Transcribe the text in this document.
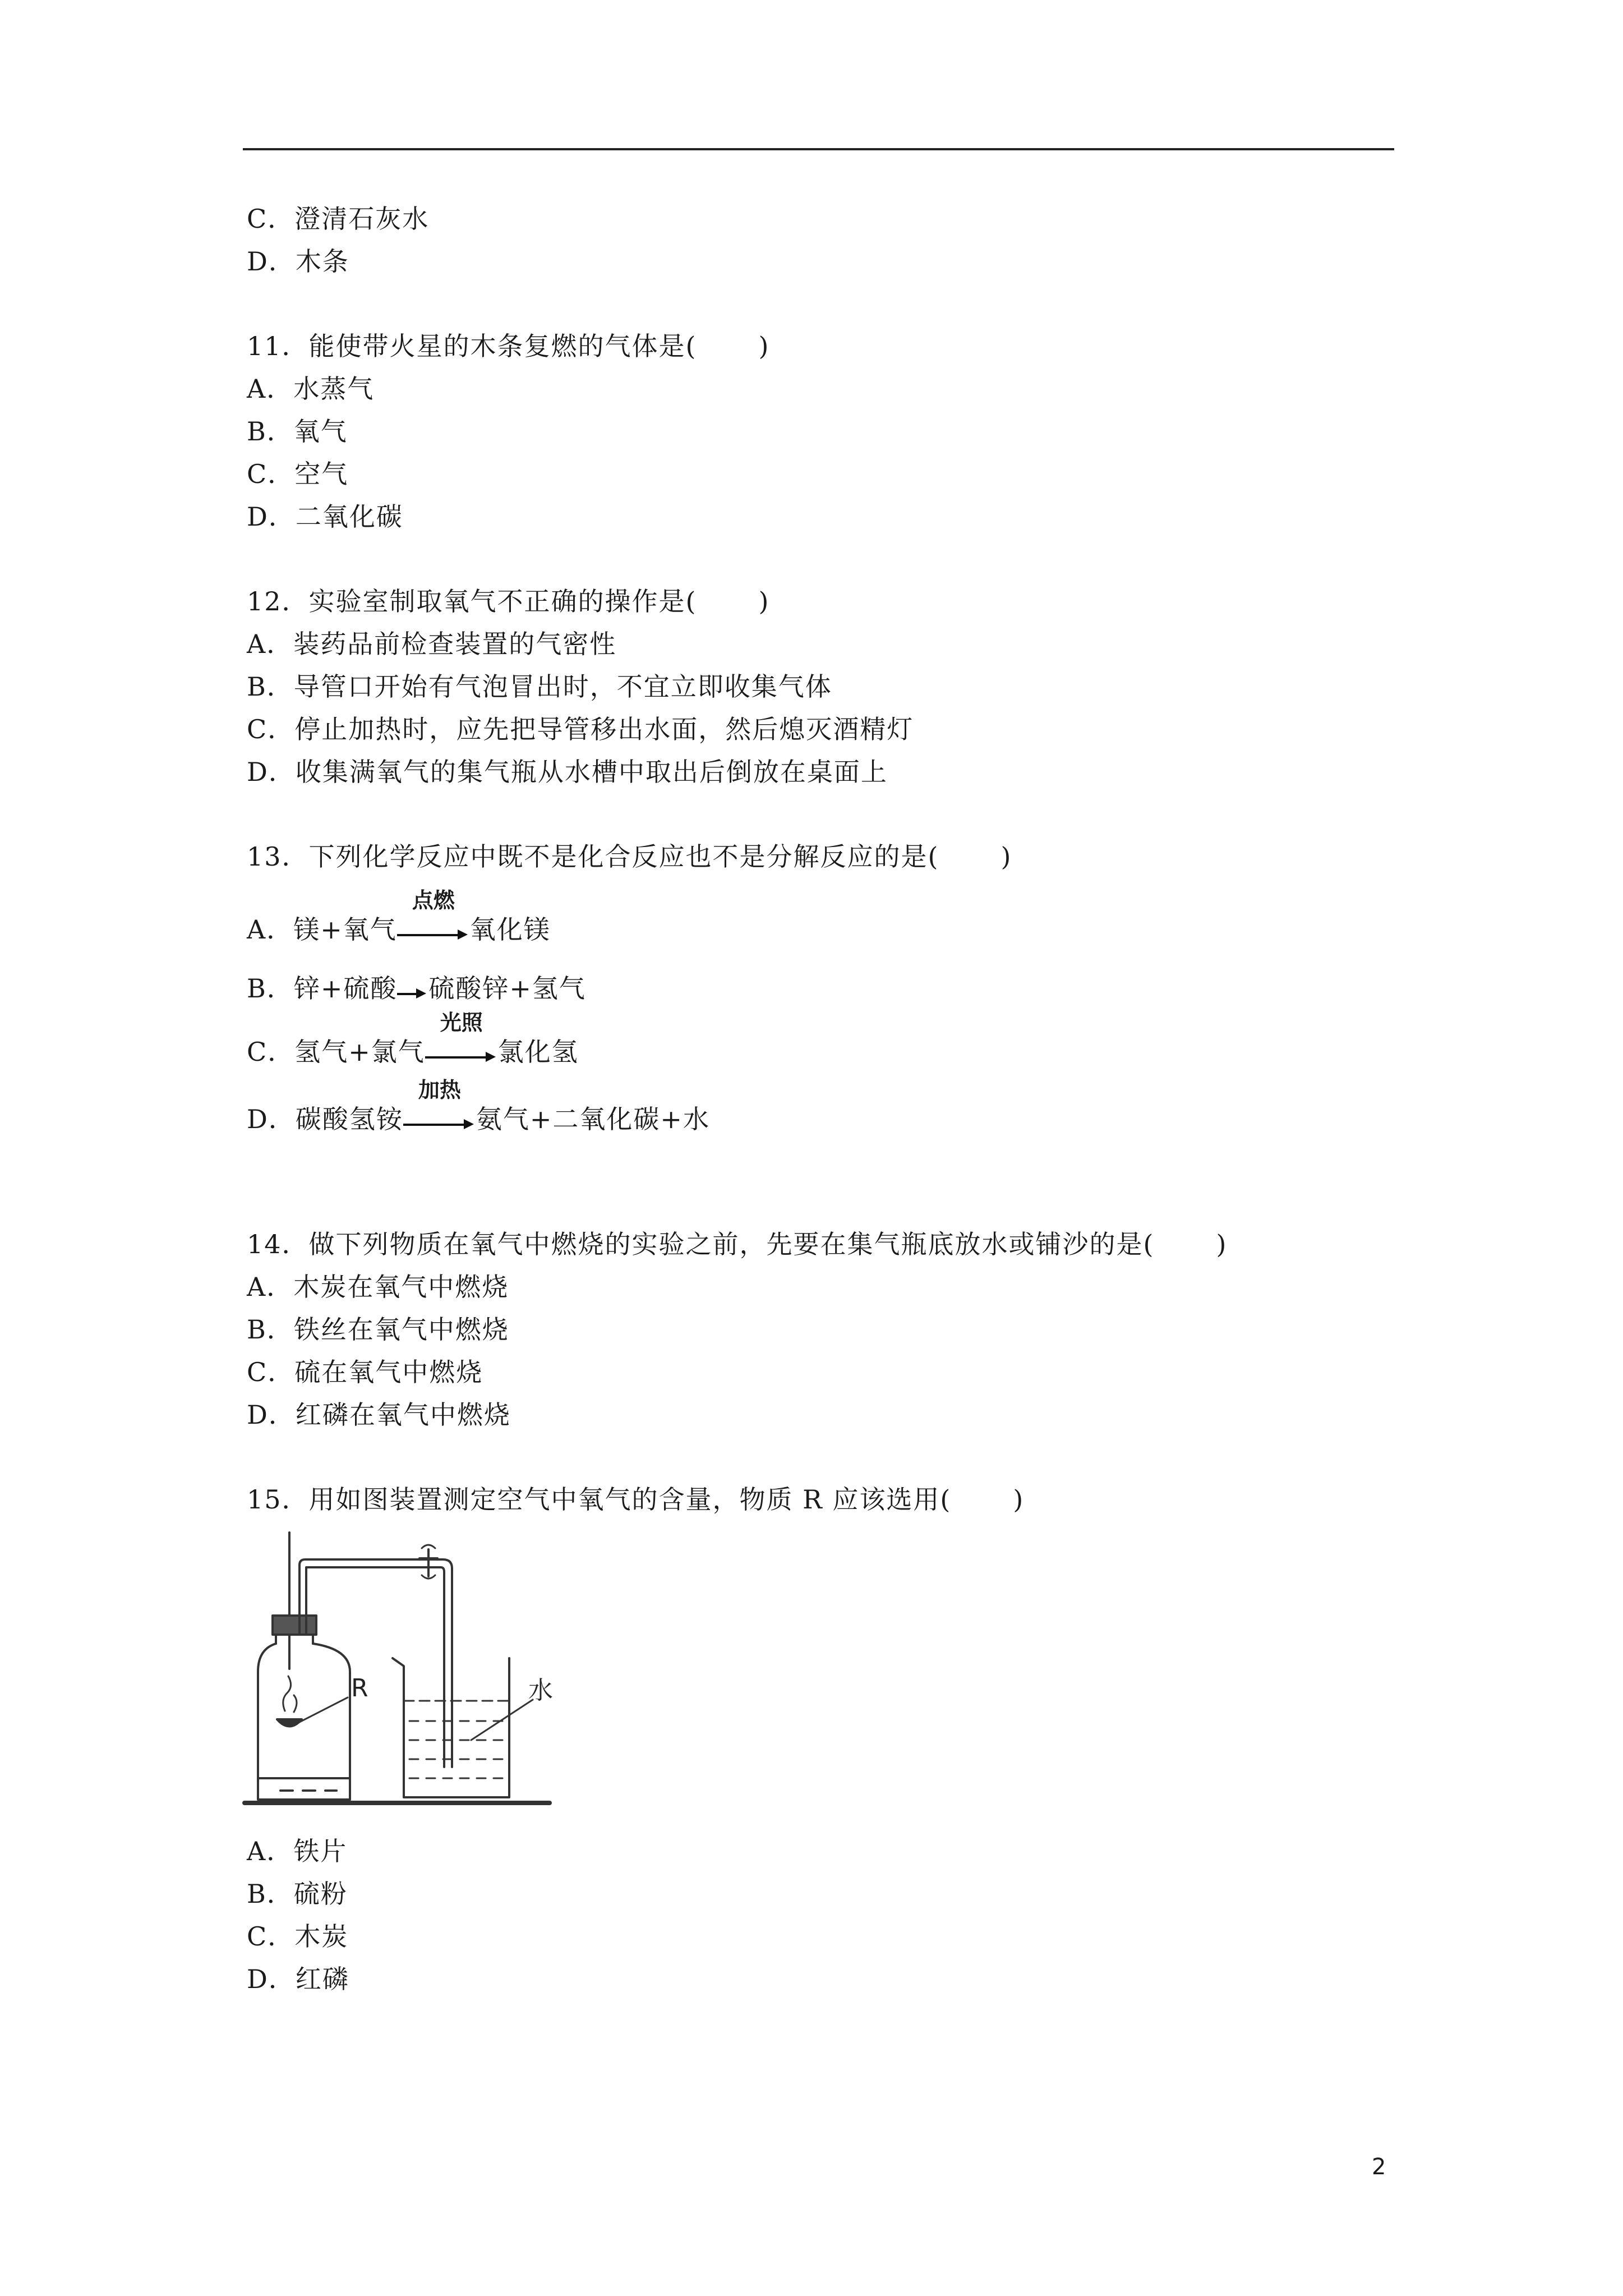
C．澄清石灰水
D．木条
11．能使带火星的木条复燃的气体是( )
A．水蒸气
B．氧气
C．空气
D．二氧化碳
12．实验室制取氧气不正确的操作是( )
A．装药品前检查装置的气密性
B．导管口开始有气泡冒出时，不宜立即收集气体
C．停止加热时，应先把导管移出水面，然后熄灭酒精灯
D．收集满氧气的集气瓶从水槽中取出后倒放在桌面上
13．下列化学反应中既不是化合反应也不是分解反应的是( )
A．镁+氧气
点燃
氧化镁
B．锌+硫酸 硫酸锌+氢气
C．氢气+氯气
光照
氯化氢
D．碳酸氢铵
加热
氨气+二氧化碳+水
14．做下列物质在氧气中燃烧的实验之前，先要在集气瓶底放水或铺沙的是( )
A．木炭在氧气中燃烧
B．铁丝在氧气中燃烧
C．硫在氧气中燃烧
D．红磷在氧气中燃烧
15．用如图装置测定空气中氧气的含量，物质 R 应该选用( )
R	水
A．铁片
B．硫粉
C．木炭
D．红磷
2
